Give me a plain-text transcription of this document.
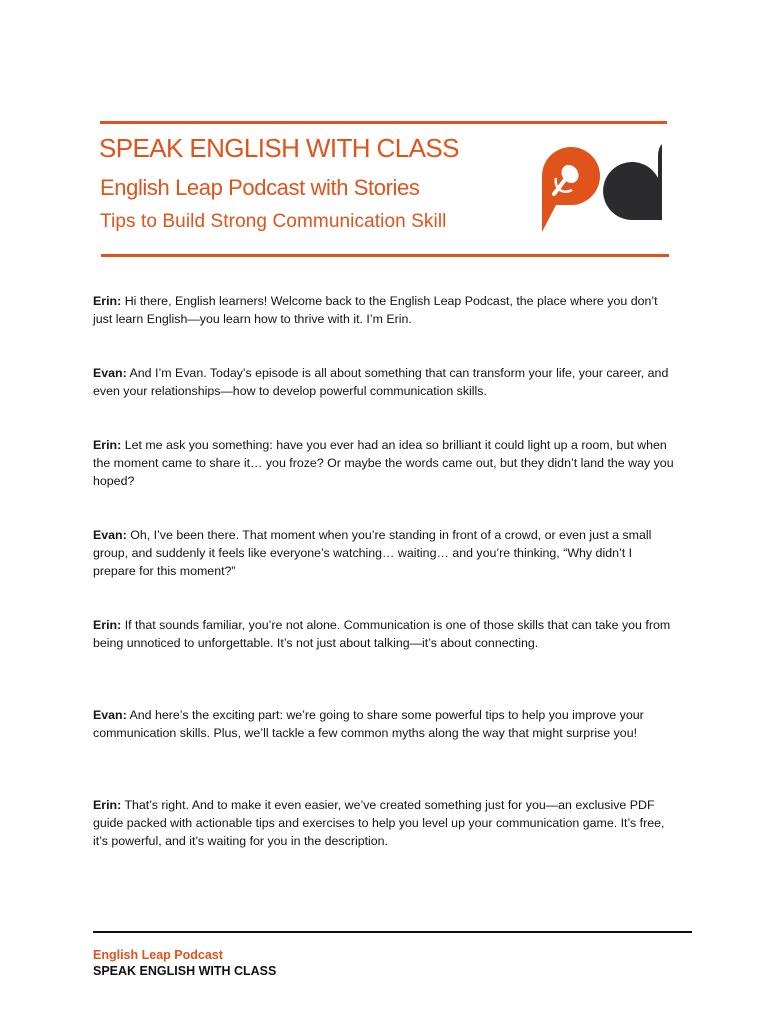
SPEAK ENGLISH WITH CLASS
English Leap Podcast with Stories
Tips to Build Strong Communication Skill

Erin: Hi there, English learners! Welcome back to the English Leap Podcast, the place where you don’t just learn English—you learn how to thrive with it. I’m Erin.

Evan: And I’m Evan. Today’s episode is all about something that can transform your life, your career, and even your relationships—how to develop powerful communication skills.

Erin: Let me ask you something: have you ever had an idea so brilliant it could light up a room, but when the moment came to share it… you froze? Or maybe the words came out, but they didn’t land the way you hoped?

Evan: Oh, I’ve been there. That moment when you’re standing in front of a crowd, or even just a small group, and suddenly it feels like everyone’s watching… waiting… and you’re thinking, “Why didn’t I prepare for this moment?”

Erin: If that sounds familiar, you’re not alone. Communication is one of those skills that can take you from being unnoticed to unforgettable. It’s not just about talking—it’s about connecting.

Evan: And here’s the exciting part: we’re going to share some powerful tips to help you improve your communication skills. Plus, we’ll tackle a few common myths along the way that might surprise you!

Erin: That’s right. And to make it even easier, we’ve created something just for you—an exclusive PDF guide packed with actionable tips and exercises to help you level up your communication game. It’s free, it’s powerful, and it’s waiting for you in the description.

English Leap Podcast
SPEAK ENGLISH WITH CLASS
